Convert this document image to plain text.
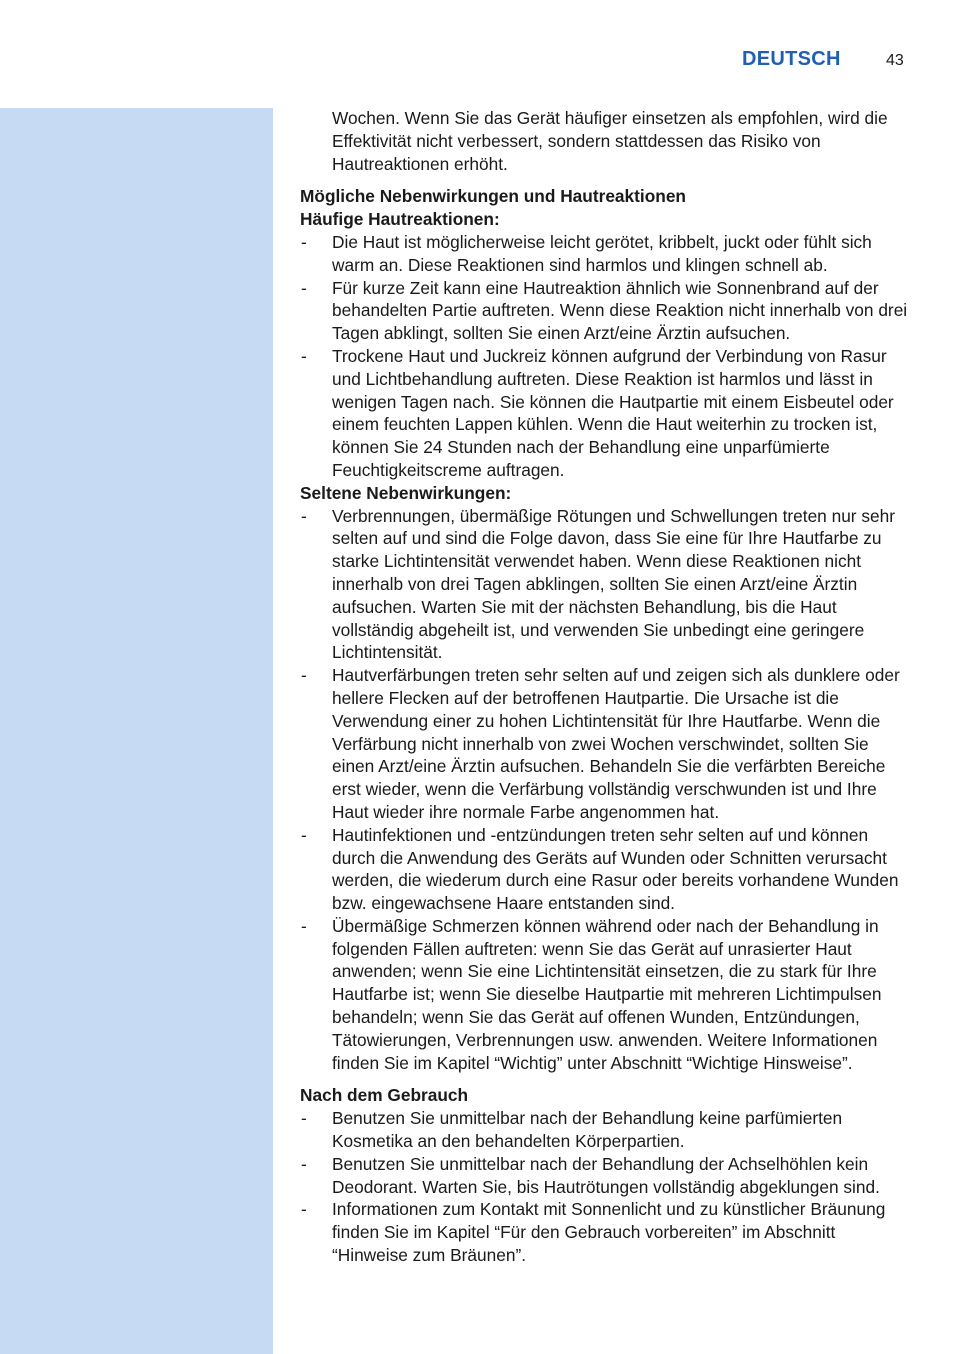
DEUTSCH	43

Wochen. Wenn Sie das Gerät häufiger einsetzen als empfohlen, wird die Effektivität nicht verbessert, sondern stattdessen das Risiko von Hautreaktionen erhöht.

Mögliche Nebenwirkungen und Hautreaktionen

Häufige Hautreaktionen:

- Die Haut ist möglicherweise leicht gerötet, kribbelt, juckt oder fühlt sich warm an. Diese Reaktionen sind harmlos und klingen schnell ab.
- Für kurze Zeit kann eine Hautreaktion ähnlich wie Sonnenbrand auf der behandelten Partie auftreten. Wenn diese Reaktion nicht innerhalb von drei Tagen abklingt, sollten Sie einen Arzt/eine Ärztin aufsuchen.
- Trockene Haut und Juckreiz können aufgrund der Verbindung von Rasur und Lichtbehandlung auftreten. Diese Reaktion ist harmlos und lässt in wenigen Tagen nach. Sie können die Hautpartie mit einem Eisbeutel oder einem feuchten Lappen kühlen. Wenn die Haut weiterhin zu trocken ist, können Sie 24 Stunden nach der Behandlung eine unparfümierte Feuchtigkeitscreme auftragen.

Seltene Nebenwirkungen:

- Verbrennungen, übermäßige Rötungen und Schwellungen treten nur sehr selten auf und sind die Folge davon, dass Sie eine für Ihre Hautfarbe zu starke Lichtintensität verwendet haben. Wenn diese Reaktionen nicht innerhalb von drei Tagen abklingen, sollten Sie einen Arzt/eine Ärztin aufsuchen. Warten Sie mit der nächsten Behandlung, bis die Haut vollständig abgeheilt ist, und verwenden Sie unbedingt eine geringere Lichtintensität.
- Hautverfärbungen treten sehr selten auf und zeigen sich als dunklere oder hellere Flecken auf der betroffenen Hautpartie. Die Ursache ist die Verwendung einer zu hohen Lichtintensität für Ihre Hautfarbe. Wenn die Verfärbung nicht innerhalb von zwei Wochen verschwindet, sollten Sie einen Arzt/eine Ärztin aufsuchen. Behandeln Sie die verfärbten Bereiche erst wieder, wenn die Verfärbung vollständig verschwunden ist und Ihre Haut wieder ihre normale Farbe angenommen hat.
- Hautinfektionen und -entzündungen treten sehr selten auf und können durch die Anwendung des Geräts auf Wunden oder Schnitten verursacht werden, die wiederum durch eine Rasur oder bereits vorhandene Wunden bzw. eingewachsene Haare entstanden sind.
- Übermäßige Schmerzen können während oder nach der Behandlung in folgenden Fällen auftreten: wenn Sie das Gerät auf unrasierter Haut anwenden; wenn Sie eine Lichtintensität einsetzen, die zu stark für Ihre Hautfarbe ist; wenn Sie dieselbe Hautpartie mit mehreren Lichtimpulsen behandeln; wenn Sie das Gerät auf offenen Wunden, Entzündungen, Tätowierungen, Verbrennungen usw. anwenden. Weitere Informationen finden Sie im Kapitel “Wichtig” unter Abschnitt “Wichtige Hinsweise”.

Nach dem Gebrauch

- Benutzen Sie unmittelbar nach der Behandlung keine parfümierten Kosmetika an den behandelten Körperpartien.
- Benutzen Sie unmittelbar nach der Behandlung der Achselhöhlen kein Deodorant. Warten Sie, bis Hautrötungen vollständig abgeklungen sind.
- Informationen zum Kontakt mit Sonnenlicht und zu künstlicher Bräunung finden Sie im Kapitel “Für den Gebrauch vorbereiten” im Abschnitt “Hinweise zum Bräunen”.
